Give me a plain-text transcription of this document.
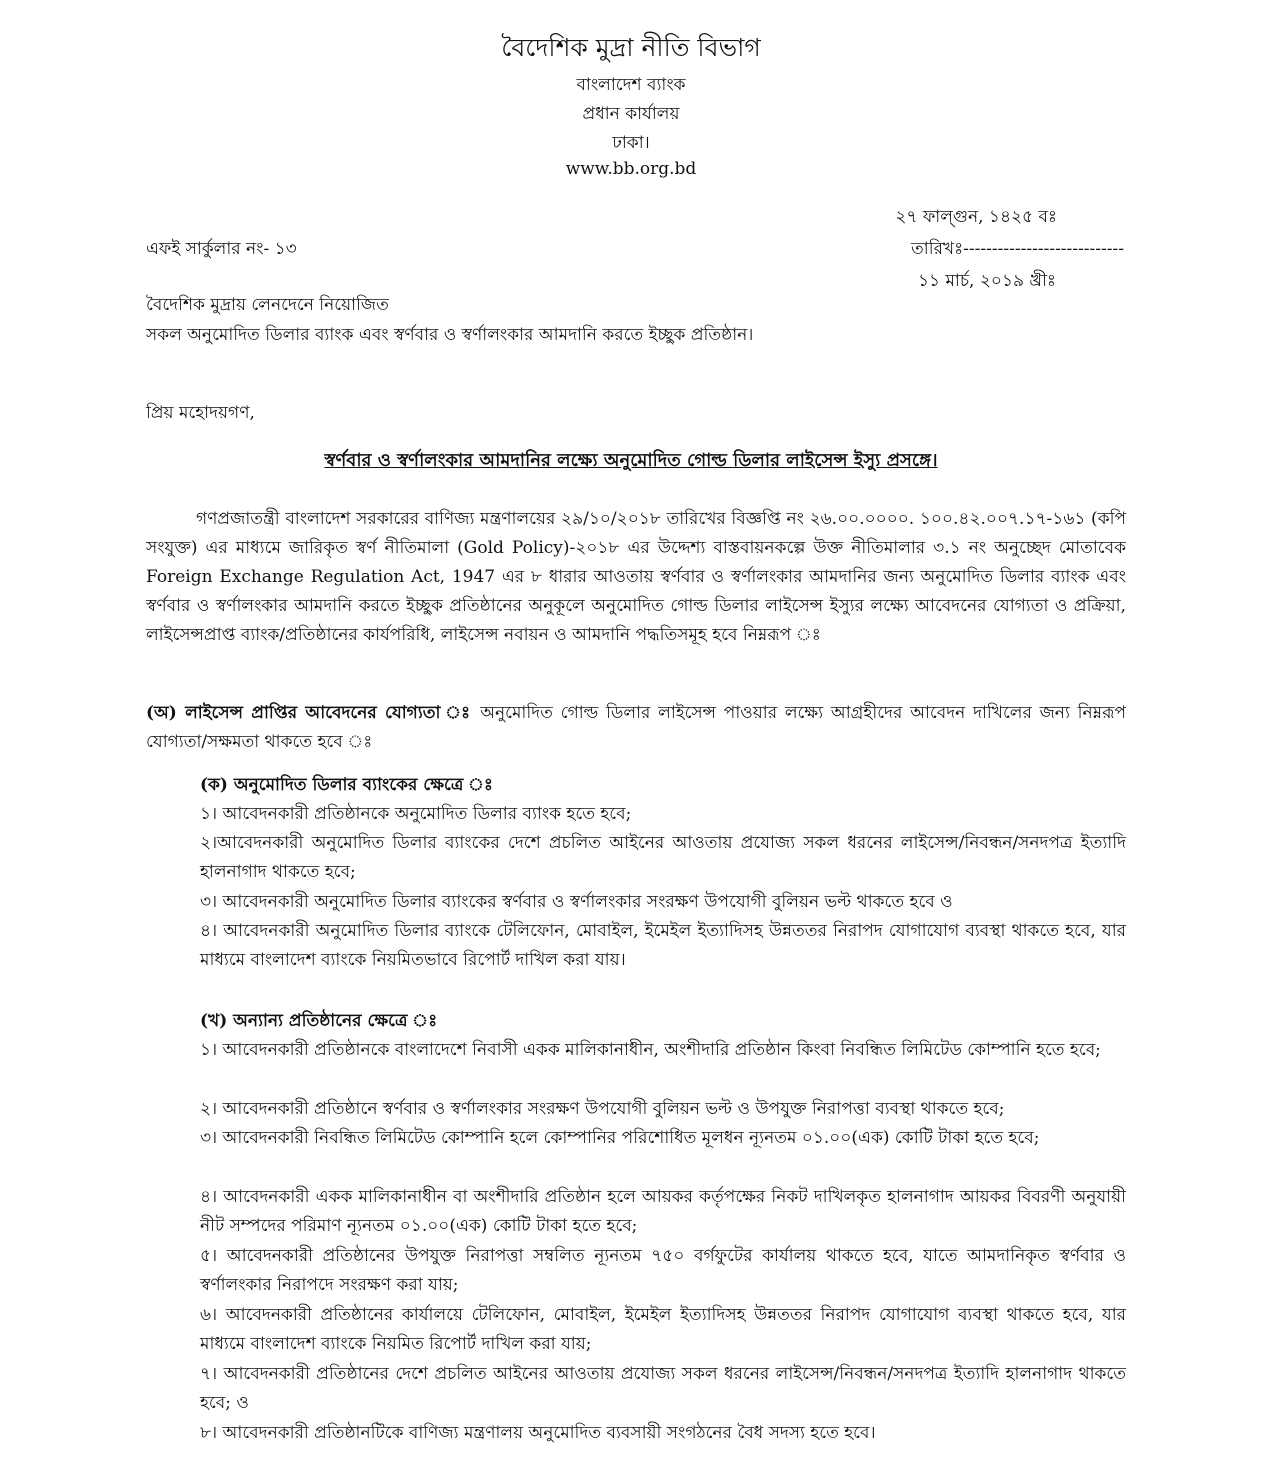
বৈদেশিক মুদ্রা নীতি বিভাগ
বাংলাদেশ ব্যাংক
প্রধান কার্যালয়
ঢাকা।
www.bb.org.bd
২৭ ফাল্গুন, ১৪২৫ বঃ
এফই সার্কুলার নং- ১৩	তারিখঃ----------------------------
১১ মার্চ, ২০১৯ খ্রীঃ
বৈদেশিক মুদ্রায় লেনদেনে নিয়োজিত
সকল অনুমোদিত ডিলার ব্যাংক এবং স্বর্ণবার ও স্বর্ণালংকার আমদানি করতে ইচ্ছুক প্রতিষ্ঠান।
প্রিয় মহোদয়গণ,
স্বর্ণবার ও স্বর্ণালংকার আমদানির লক্ষ্যে অনুমোদিত গোল্ড ডিলার লাইসেন্স ইস্যু প্রসঙ্গে।
গণপ্রজাতন্ত্রী বাংলাদেশ সরকারের বাণিজ্য মন্ত্রণালয়ের ২৯/১০/২০১৮ তারিখের বিজ্ঞপ্তি নং ২৬.০০.০০০০. ১০০.৪২.০০৭.১৭-১৬১ (কপি সংযুক্ত) এর মাধ্যমে জারিকৃত স্বর্ণ নীতিমালা (Gold Policy)-২০১৮ এর উদ্দেশ্য বাস্তবায়নকল্পে উক্ত নীতিমালার ৩.১ নং অনুচ্ছেদ মোতাবেক Foreign Exchange Regulation Act, 1947 এর ৮ ধারার আওতায় স্বর্ণবার ও স্বর্ণালংকার আমদানির জন্য অনুমোদিত ডিলার ব্যাংক এবং স্বর্ণবার ও স্বর্ণালংকার আমদানি করতে ইচ্ছুক প্রতিষ্ঠানের অনুকূলে অনুমোদিত গোল্ড ডিলার লাইসেন্স ইস্যুর লক্ষ্যে আবেদনের যোগ্যতা ও প্রক্রিয়া, লাইসেন্সপ্রাপ্ত ব্যাংক/প্রতিষ্ঠানের কার্যপরিধি, লাইসেন্স নবায়ন ও আমদানি পদ্ধতিসমূহ হবে নিম্নরূপ ঃ
(অ) লাইসেন্স প্রাপ্তির আবেদনের যোগ্যতা ঃ অনুমোদিত গোল্ড ডিলার লাইসেন্স পাওয়ার লক্ষ্যে আগ্রহীদের আবেদন দাখিলের জন্য নিম্নরূপ যোগ্যতা/সক্ষমতা থাকতে হবে ঃ
(ক) অনুমোদিত ডিলার ব্যাংকের ক্ষেত্রে ঃ
১। আবেদনকারী প্রতিষ্ঠানকে অনুমোদিত ডিলার ব্যাংক হতে হবে;
২।আবেদনকারী অনুমোদিত ডিলার ব্যাংকের দেশে প্রচলিত আইনের আওতায় প্রযোজ্য সকল ধরনের লাইসেন্স/নিবন্ধন/সনদপত্র ইত্যাদি হালনাগাদ থাকতে হবে;
৩। আবেদনকারী অনুমোদিত ডিলার ব্যাংকের স্বর্ণবার ও স্বর্ণালংকার সংরক্ষণ উপযোগী বুলিয়ন ভল্ট থাকতে হবে ও
৪। আবেদনকারী অনুমোদিত ডিলার ব্যাংকে টেলিফোন, মোবাইল, ইমেইল ইত্যাদিসহ উন্নততর নিরাপদ যোগাযোগ ব্যবস্থা থাকতে হবে, যার মাধ্যমে বাংলাদেশ ব্যাংকে নিয়মিতভাবে রিপোর্ট দাখিল করা যায়।
(খ) অন্যান্য প্রতিষ্ঠানের ক্ষেত্রে ঃ
১। আবেদনকারী প্রতিষ্ঠানকে বাংলাদেশে নিবাসী একক মালিকানাধীন, অংশীদারি প্রতিষ্ঠান কিংবা নিবন্ধিত লিমিটেড কোম্পানি হতে হবে;
২। আবেদনকারী প্রতিষ্ঠানে স্বর্ণবার ও স্বর্ণালংকার সংরক্ষণ উপযোগী বুলিয়ন ভল্ট ও উপযুক্ত নিরাপত্তা ব্যবস্থা থাকতে হবে;
৩। আবেদনকারী নিবন্ধিত লিমিটেড কোম্পানি হলে কোম্পানির পরিশোধিত মূলধন ন্যূনতম ০১.০০(এক) কোটি টাকা হতে হবে;
৪। আবেদনকারী একক মালিকানাধীন বা অংশীদারি প্রতিষ্ঠান হলে আয়কর কর্তৃপক্ষের নিকট দাখিলকৃত হালনাগাদ আয়কর বিবরণী অনুযায়ী নীট সম্পদের পরিমাণ ন্যূনতম ০১.০০(এক) কোটি টাকা হতে হবে;
৫। আবেদনকারী প্রতিষ্ঠানের উপযুক্ত নিরাপত্তা সম্বলিত ন্যূনতম ৭৫০ বর্গফুটের কার্যালয় থাকতে হবে, যাতে আমদানিকৃত স্বর্ণবার ও স্বর্ণালংকার নিরাপদে সংরক্ষণ করা যায়;
৬। আবেদনকারী প্রতিষ্ঠানের কার্যালয়ে টেলিফোন, মোবাইল, ইমেইল ইত্যাদিসহ উন্নততর নিরাপদ যোগাযোগ ব্যবস্থা থাকতে হবে, যার মাধ্যমে বাংলাদেশ ব্যাংকে নিয়মিত রিপোর্ট দাখিল করা যায়;
৭। আবেদনকারী প্রতিষ্ঠানের দেশে প্রচলিত আইনের আওতায় প্রযোজ্য সকল ধরনের লাইসেন্স/নিবন্ধন/সনদপত্র ইত্যাদি হালনাগাদ থাকতে হবে; ও
৮। আবেদনকারী প্রতিষ্ঠানটিকে বাণিজ্য মন্ত্রণালয় অনুমোদিত ব্যবসায়ী সংগঠনের বৈধ সদস্য হতে হবে।
